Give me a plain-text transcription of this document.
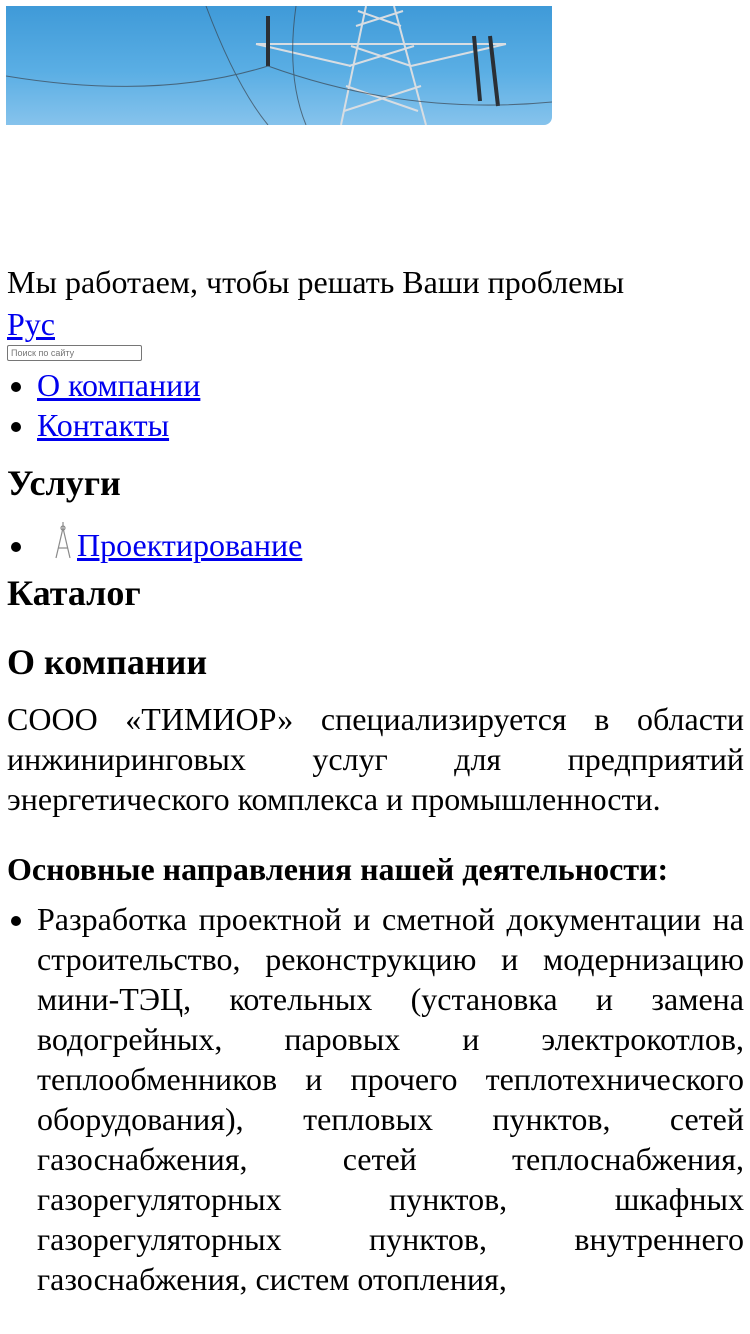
Мы работаем, чтобы решать Ваши проблемы
Рус
Поиск по сайту
• О компании
• Контакты
Услуги
• Проектирование
Каталог
О компании

СООО «ТИМИОР» специализируется в области инжиниринговых услуг для предприятий энергетического комплекса и промышленности.

Основные направления нашей деятельности:
• Разработка проектной и сметной документации на строительство, реконструкцию и модернизацию мини-ТЭЦ, котельных (установка и замена водогрейных, паровых и электрокотлов, теплообменников и прочего теплотехнического оборудования), тепловых пунктов, сетей газоснабжения, сетей теплоснабжения, газорегуляторных пунктов, шкафных газорегуляторных пунктов, внутреннего газоснабжения, систем отопления,
